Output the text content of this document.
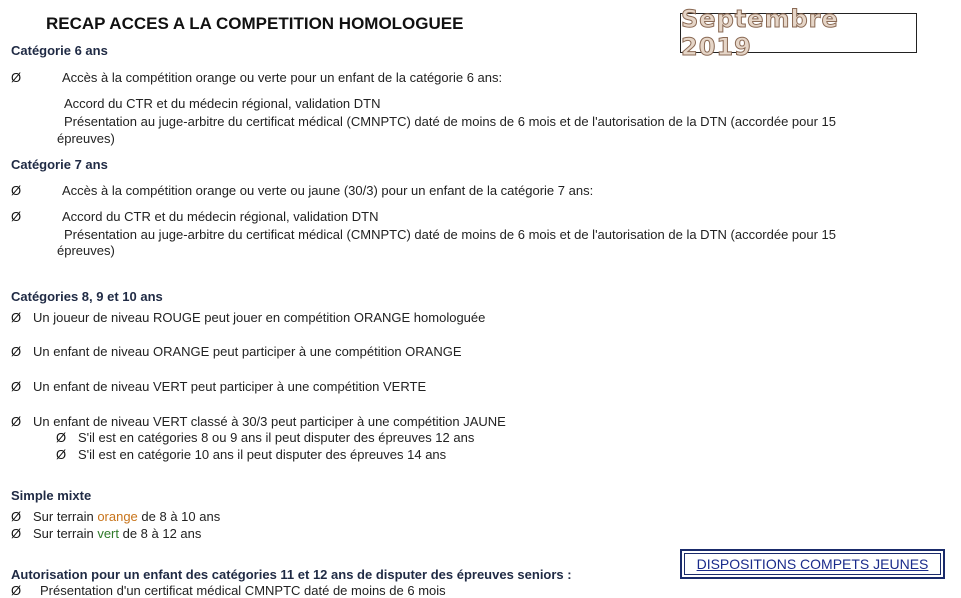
RECAP ACCES A LA COMPETITION HOMOLOGUEE	Septembre 2019
Catégorie 6 ans
Ø	Accès à la compétition orange ou verte pour un enfant de la catégorie 6 ans:
Accord du CTR et du médecin régional, validation DTN
Présentation au juge-arbitre du certificat médical (CMNPTC) daté de moins de 6 mois et de l'autorisation de la DTN (accordée pour 15
épreuves)
Catégorie 7 ans
Ø	Accès à la compétition orange ou verte ou jaune (30/3) pour un enfant de la catégorie 7 ans:
Ø	Accord du CTR et du médecin régional, validation DTN
Présentation au juge-arbitre du certificat médical (CMNPTC) daté de moins de 6 mois et de l'autorisation de la DTN (accordée pour 15
épreuves)
Catégories 8, 9 et 10 ans
Ø Un joueur de niveau ROUGE peut jouer en compétition ORANGE homologuée
Ø Un enfant de niveau ORANGE peut participer à une compétition ORANGE
Ø Un enfant de niveau VERT peut participer à une compétition VERTE
Ø Un enfant de niveau VERT classé à 30/3 peut participer à une compétition JAUNE
Ø S'il est en catégories 8 ou 9 ans il peut disputer des épreuves 12 ans
Ø S'il est en catégorie 10 ans il peut disputer des épreuves 14 ans
Simple mixte
Ø Sur terrain orange de 8 à 10 ans
Ø Sur terrain vert de 8 à 12 ans
Autorisation pour un enfant des catégories 11 et 12 ans de disputer des épreuves seniors :
Ø Présentation d'un certificat médical CMNPTC daté de moins de 6 mois
DISPOSITIONS COMPETS JEUNES
